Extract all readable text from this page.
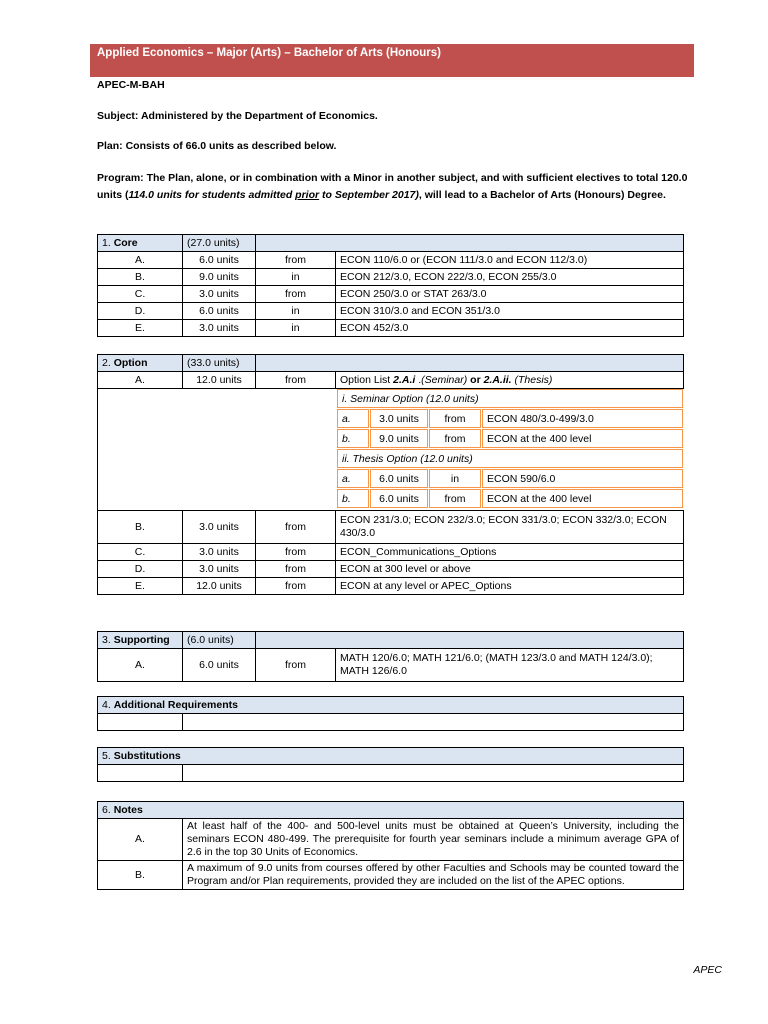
Applied Economics – Major (Arts) – Bachelor of Arts (Honours)
APEC-M-BAH
Subject: Administered by the Department of Economics.
Plan: Consists of 66.0 units as described below.
Program: The Plan, alone, or in combination with a Minor in another subject, and with sufficient electives to total 120.0 units (114.0 units for students admitted prior to September 2017), will lead to a Bachelor of Arts (Honours) Degree.
1. Core	(27.0 units)		
A.	6.0 units	from	ECON 110/6.0 or (ECON 111/3.0 and ECON 112/3.0)
B.	9.0 units	in	ECON 212/3.0, ECON 222/3.0, ECON 255/3.0
C.	3.0 units	from	ECON 250/3.0 or STAT 263/3.0
D.	6.0 units	in	ECON 310/3.0 and ECON 351/3.0
E.	3.0 units	in	ECON 452/3.0
2. Option	(33.0 units)		
A.	12.0 units	from	Option List 2.A.i .(Seminar) or 2.A.ii. (Thesis)
i. Seminar Option (12.0 units)			
a.	3.0 units	from	ECON 480/3.0-499/3.0
b.	9.0 units	from	ECON at the 400 level
ii. Thesis Option (12.0 units)			
a.	6.0 units	in	ECON 590/6.0
b.	6.0 units	from	ECON at the 400 level
B.	3.0 units	from	ECON 231/3.0; ECON 232/3.0; ECON 331/3.0; ECON 332/3.0; ECON 430/3.0
C.	3.0 units	from	ECON_Communications_Options
D.	3.0 units	from	ECON at 300 level or above
E.	12.0 units	from	ECON at any level or APEC_Options
3. Supporting	(6.0 units)		
A.	6.0 units	from	MATH 120/6.0; MATH 121/6.0; (MATH 123/3.0 and MATH 124/3.0); MATH 126/6.0
4. Additional Requirements

5. Substitutions

6. Notes	
A.	At least half of the 400- and 500-level units must be obtained at Queen’s University, including the seminars ECON 480-499. The prerequisite for fourth year seminars include a minimum average GPA of 2.6 in the top 30 Units of Economics.
B.	A maximum of 9.0 units from courses offered by other Faculties and Schools may be counted toward the Program and/or Plan requirements, provided they are included on the list of the APEC options.
APEC
